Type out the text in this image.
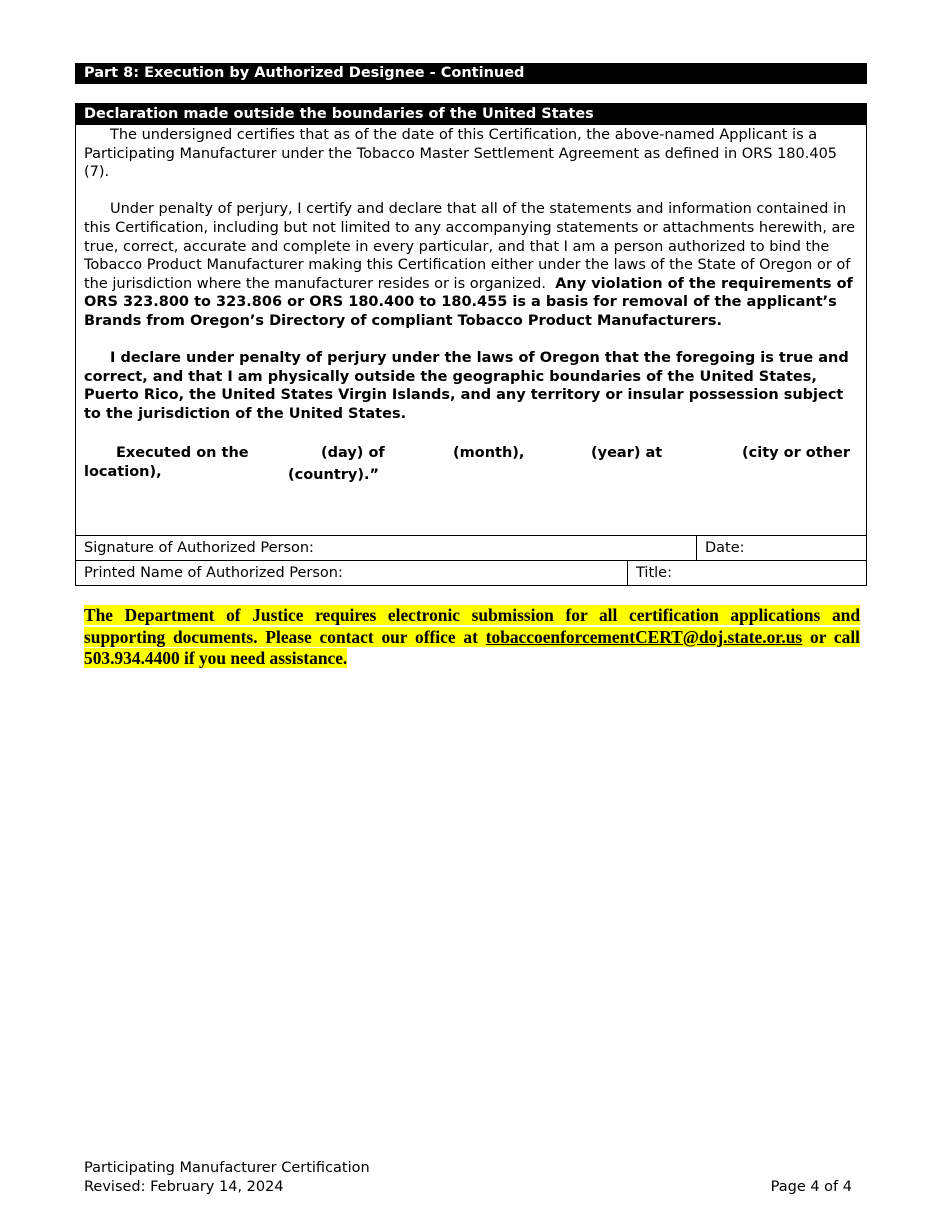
Part 8: Execution by Authorized Designee - Continued
Declaration made outside the boundaries of the United States

The undersigned certifies that as of the date of this Certification, the above-named Applicant is a Participating Manufacturer under the Tobacco Master Settlement Agreement as defined in ORS 180.405 (7).

Under penalty of perjury, I certify and declare that all of the statements and information contained in this Certification, including but not limited to any accompanying statements or attachments herewith, are true, correct, accurate and complete in every particular, and that I am a person authorized to bind the Tobacco Product Manufacturer making this Certification either under the laws of the State of Oregon or of the jurisdiction where the manufacturer resides or is organized. Any violation of the requirements of ORS 323.800 to 323.806 or ORS 180.400 to 180.455 is a basis for removal of the applicant’s Brands from Oregon’s Directory of compliant Tobacco Product Manufacturers.

I declare under penalty of perjury under the laws of Oregon that the foregoing is true and correct, and that I am physically outside the geographic boundaries of the United States, Puerto Rico, the United States Virgin Islands, and any territory or insular possession subject to the jurisdiction of the United States.

Executed on the	(day) of	(month),	(year) at	(city or other
location),	(country).”
Signature of Authorized Person:		Date:
Printed Name of Authorized Person:	Title:	
The Department of Justice requires electronic submission for all certification applications and supporting documents. Please contact our office at tobaccoenforcementCERT@doj.state.or.us or call 503.934.4400 if you need assistance.
Participating Manufacturer Certification
Revised: February 14, 2024	Page 4 of 4
